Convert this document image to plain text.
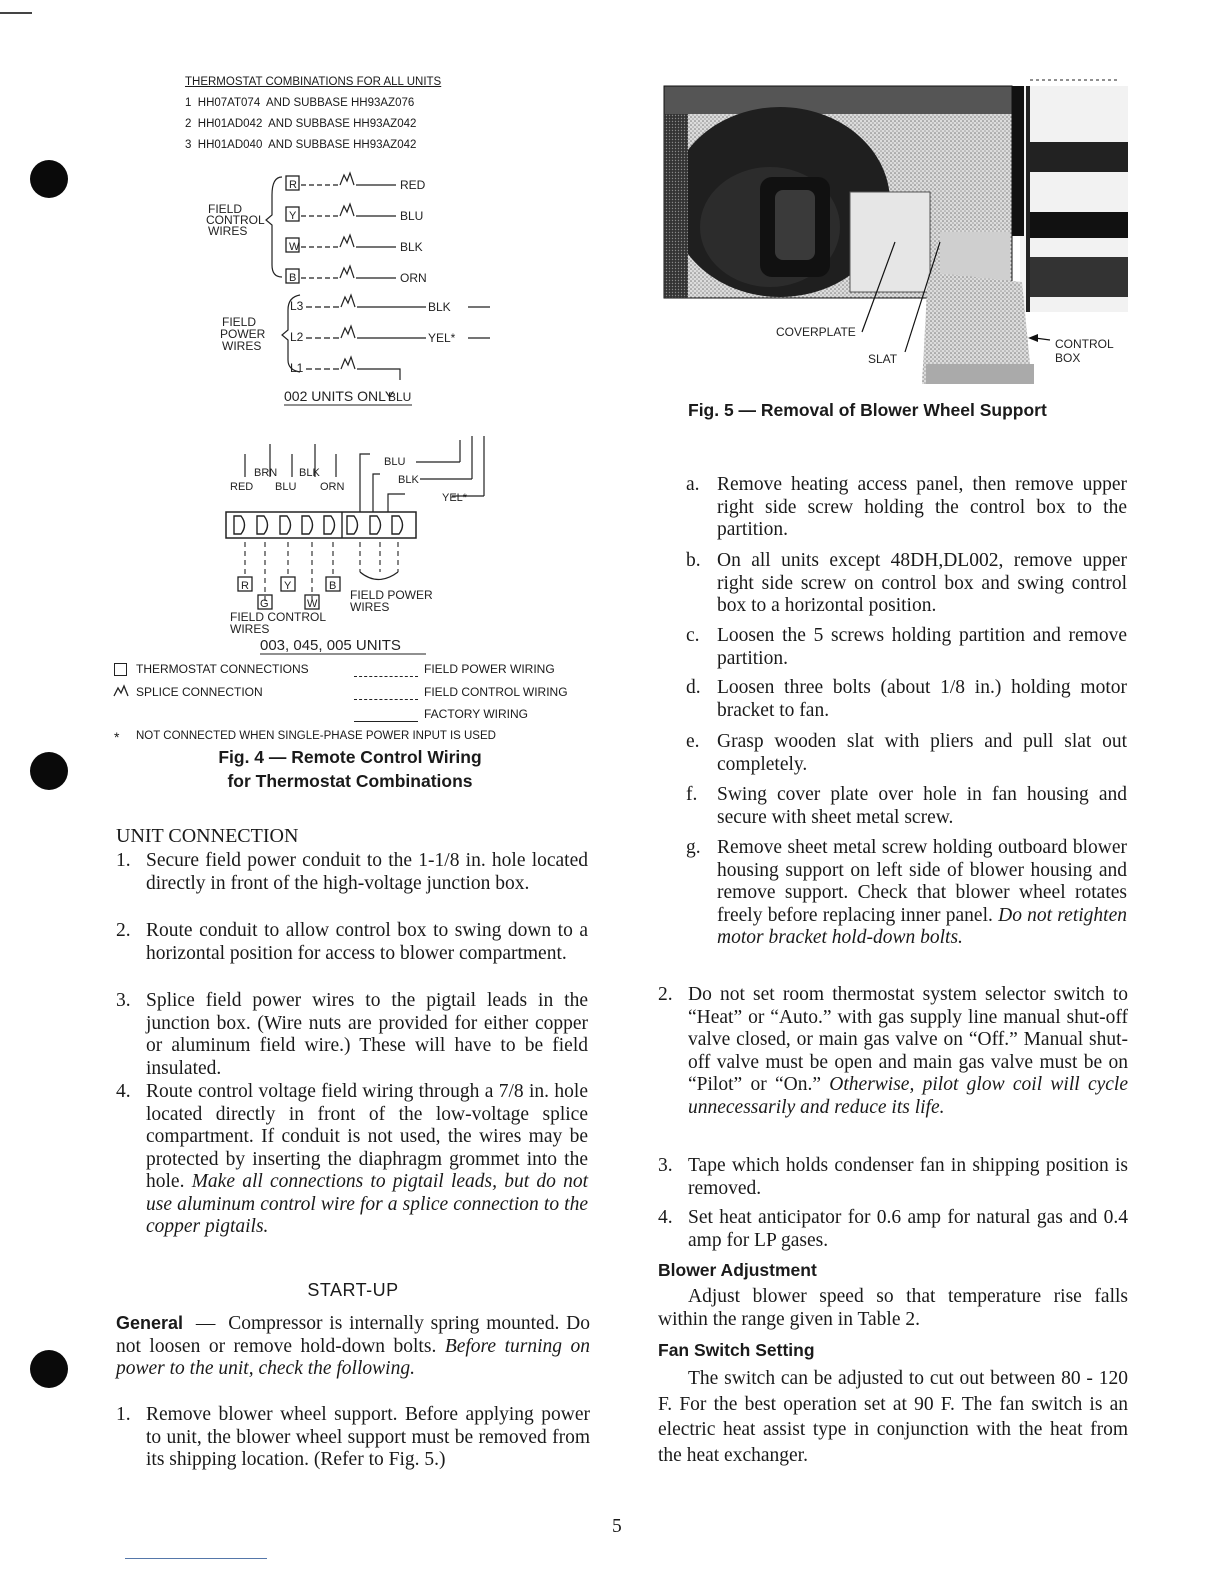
THERMOSTAT COMBINATIONS FOR ALL UNITS
1  HH07AT074  AND SUBBASE HH93AZ076
2  HH01AD042  AND SUBBASE HH93AZ042
3  HH01AD040  AND SUBBASE HH93AZ042
FIELD CONTROL WIRES
R	RED
Y	BLU
W	BLK
B	ORN
FIELD POWER WIRES
L3	BLK
L2	YEL*
L1
BLU
002 UNITS ONLY
BRN BLK
RED BLU ORN
BLU
BLK
YEL*
R	Y	B
G	W
FIELD POWER WIRES
FIELD CONTROL WIRES
003, 045, 005 UNITS
THERMOSTAT CONNECTIONS
SPLICE CONNECTION
FIELD POWER WIRING
FIELD CONTROL WIRING
FACTORY WIRING
* NOT CONNECTED WHEN SINGLE-PHASE POWER INPUT IS USED
Fig. 4 — Remote Control Wiring
for Thermostat Combinations
UNIT CONNECTION
1. Secure field power conduit to the 1-1/8 in. hole located directly in front of the high-voltage junction box.
2. Route conduit to allow control box to swing down to a horizontal position for access to blower compartment.
3. Splice field power wires to the pigtail leads in the junction box. (Wire nuts are provided for either copper or aluminum field wire.) These will have to be field insulated.
4. Route control voltage field wiring through a 7/8 in. hole located directly in front of the low-voltage splice compartment. If conduit is not used, the wires may be protected by inserting the diaphragm grommet into the hole. Make all connections to pigtail leads, but do not use aluminum control wire for a splice connection to the copper pigtails.
START-UP
General — Compressor is internally spring mounted. Do not loosen or remove hold-down bolts. Before turning on power to the unit, check the following.
1. Remove blower wheel support. Before applying power to unit, the blower wheel support must be removed from its shipping location. (Refer to Fig. 5.)
COVERPLATE
SLAT
CONTROL BOX
Fig. 5 — Removal of Blower Wheel Support
a. Remove heating access panel, then remove upper right side screw holding the control box to the partition.
b. On all units except 48DH,DL002, remove upper right side screw on control box and swing control box to a horizontal position.
c. Loosen the 5 screws holding partition and remove partition.
d. Loosen three bolts (about 1/8 in.) holding motor bracket to fan.
e. Grasp wooden slat with pliers and pull slat out completely.
f. Swing cover plate over hole in fan housing and secure with sheet metal screw.
g. Remove sheet metal screw holding outboard blower housing support on left side of blower housing and remove support. Check that blower wheel rotates freely before replacing inner panel. Do not retighten motor bracket hold-down bolts.
2. Do not set room thermostat system selector switch to “Heat” or “Auto.” with gas supply line manual shut-off valve closed, or main gas valve on “Off.” Manual shut-off valve must be open and main gas valve must be on “Pilot” or “On.” Otherwise, pilot glow coil will cycle unnecessarily and reduce its life.
3. Tape which holds condenser fan in shipping position is removed.
4. Set heat anticipator for 0.6 amp for natural gas and 0.4 amp for LP gases.
Blower Adjustment
Adjust blower speed so that temperature rise falls within the range given in Table 2.
Fan Switch Setting
The switch can be adjusted to cut out between 80 - 120 F. For the best operation set at 90 F. The fan switch is an electric heat assist type in conjunction with the heat from the heat exchanger.
5
